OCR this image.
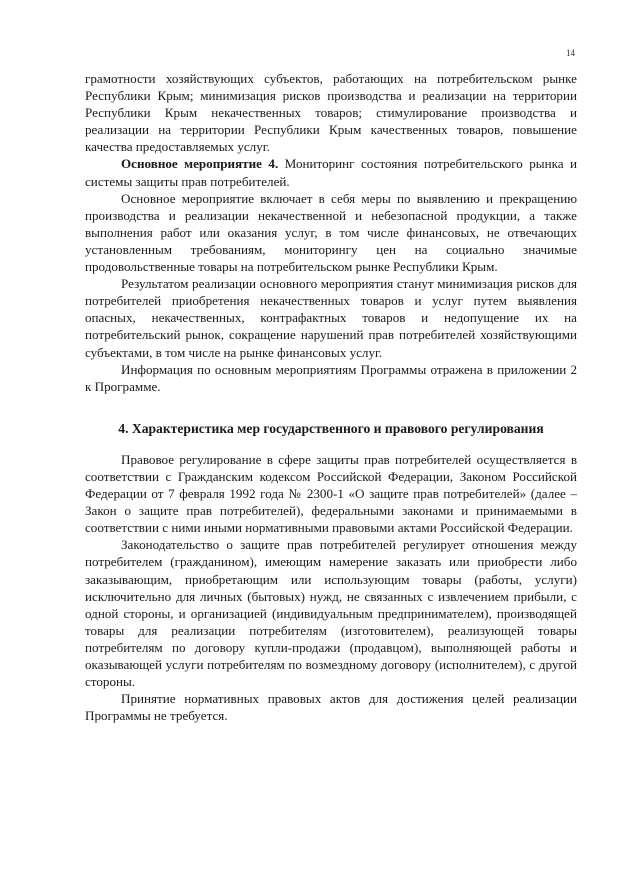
14

грамотности хозяйствующих субъектов, работающих на потребительском рынке Республики Крым; минимизация рисков производства и реализации на территории Республики Крым некачественных товаров; стимулирование производства и реализации на территории Республики Крым качественных товаров, повышение качества предоставляемых услуг.

Основное мероприятие 4. Мониторинг состояния потребительского рынка и системы защиты прав потребителей.

Основное мероприятие включает в себя меры по выявлению и прекращению производства и реализации некачественной и небезопасной продукции, а также выполнения работ или оказания услуг, в том числе финансовых, не отвечающих установленным требованиям, мониторингу цен на социально значимые продовольственные товары на потребительском рынке Республики Крым.

Результатом реализации основного мероприятия станут минимизация рисков для потребителей приобретения некачественных товаров и услуг путем выявления опасных, некачественных, контрафактных товаров и недопущение их на потребительский рынок, сокращение нарушений прав потребителей хозяйствующими субъектами, в том числе на рынке финансовых услуг.

Информация по основным мероприятиям Программы отражена в приложении 2 к Программе.

4. Характеристика мер государственного и правового регулирования

Правовое регулирование в сфере защиты прав потребителей осуществляется в соответствии с Гражданским кодексом Российской Федерации, Законом Российской Федерации от 7 февраля 1992 года № 2300-1 «О защите прав потребителей» (далее – Закон о защите прав потребителей), федеральными законами и принимаемыми в соответствии с ними иными нормативными правовыми актами Российской Федерации.

Законодательство о защите прав потребителей регулирует отношения между потребителем (гражданином), имеющим намерение заказать или приобрести либо заказывающим, приобретающим или использующим товары (работы, услуги) исключительно для личных (бытовых) нужд, не связанных с извлечением прибыли, с одной стороны, и организацией (индивидуальным предпринимателем), производящей товары для реализации потребителям (изготовителем), реализующей товары потребителям по договору купли-продажи (продавцом), выполняющей работы и оказывающей услуги потребителям по возмездному договору (исполнителем), с другой стороны.

Принятие нормативных правовых актов для достижения целей реализации Программы не требуется.
